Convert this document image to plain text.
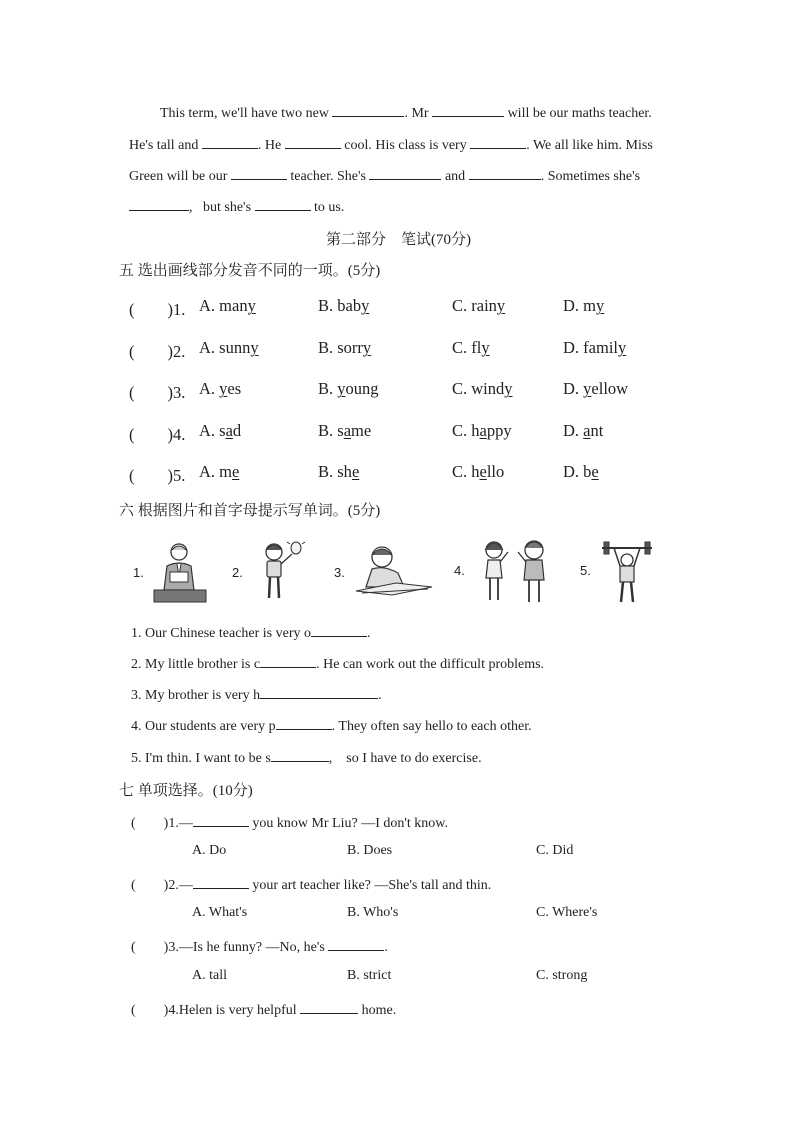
This term, we'll have two new	. Mr	will be our maths teacher.
He's tall and	. He	cool. His class is very	. We all like him. Miss
Green will be our	teacher. She's	and	. Sometimes she's
, but she's	to us.
第二部分　笔试(70分)
五 选出画线部分发音不同的一项。(5分)
(　　)1. A. many	B. baby	C. rainy	D. my
(　　)2. A. sunny	B. sorry	C. fly	D. family
(　　)3. A. yes	B. young	C. windy	D. yellow
(　　)4. A. sad	B. same	C. happy	D. ant
(　　)5. A. me	B. she	C. hello	D. be
六 根据图片和首字母提示写单词。(5分)
1.	2.	3.	4.	5.
1. Our Chinese teacher is very o	.
2. My little brother is c	. He can work out the difficult problems.
3. My brother is very h	.
4. Our students are very p	. They often say hello to each other.
5. I'm thin. I want to be s	, so I have to do exercise.
七 单项选择。(10分)
(　　)1.—	you know Mr Liu? —I don't know.
A. Do	B. Does	C. Did
(　　)2.—	your art teacher like? —She's tall and thin.
A. What's	B. Who's	C. Where's
(　　)3.—Is he funny? —No, he's	.
A. tall	B. strict	C. strong
(　　)4.Helen is very helpful	home.
